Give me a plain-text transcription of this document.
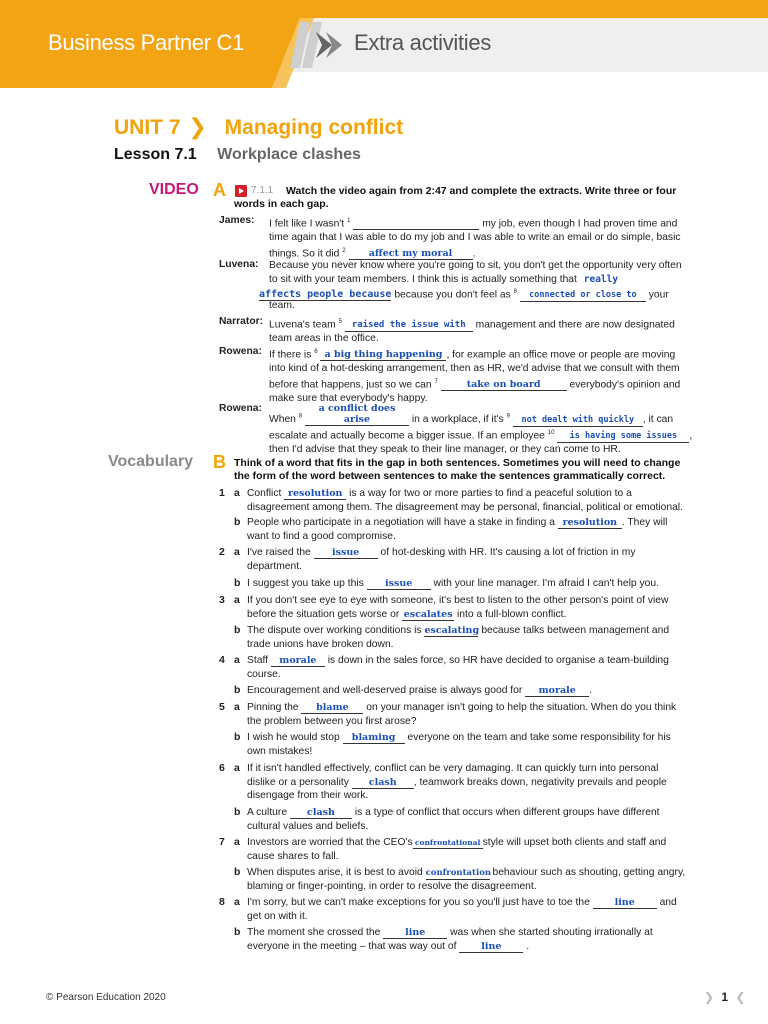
Business Partner C1	Extra activities
UNIT 7 ❯ Managing conflict
Lesson 7.1 Workplace clashes
VIDEO A	7.1.1 Watch the video again from 2:47 and complete the extracts. Write three or four
words in each gap.
James: I felt like I wasn't $^1$	my job, even though I had proven time and
time again that I was able to do my job and I was able to write an email or do simple, basic
things. So it did $^2$ affect my moral .
Luvena: Because you never know where you're going to sit, you don't get the opportunity very often
to sit with your team members. I think this is actually something that really
affects people because because you don't feel as $^8$ connected or close to your
team.
Narrator: Luvena's team $^5$ raised the issue with management and there are now designated
team areas in the office.
Rowena: If there is $^6$ a big thing happening , for example an office move or people are moving
into kind of a hot-desking arrangement, then as HR, we'd advise that we consult with them
before that happens, just so we can $^7$	take on board	everybody's opinion and
make sure that everybody's happy.
Rowena:
When $^8$ a conflict does arise	in a workplace, if it's $^9$ not dealt with quickly , it can
escalate and actually become a bigger issue. If an employee $^{10}$ is having some issues ,
then I'd advise that they speak to their line manager, or they can come to HR.
Vocabulary B Think of a word that fits in the gap in both sentences. Sometimes you will need to change
the form of the word between sentences to make the sentences grammatically correct.
1 a Conflict resolution is a way for two or more parties to find a peaceful solution to a
disagreement among them. The disagreement may be personal, financial, political or emotional.
b People who participate in a negotiation will have a stake in finding a resolution . They will
want to find a good compromise.
2 a I've raised the issue of hot-desking with HR. It's causing a lot of friction in my
department.
b I suggest you take up this issue with your line manager. I'm afraid I can't help you.
3 a If you don't see eye to eye with someone, it's best to listen to the other person's point of view
before the situation gets worse or escalates into a full-blown conflict.
b The dispute over working conditions is escalating because talks between management and
trade unions have broken down.
4 a Staff morale is down in the sales force, so HR have decided to organise a team-building
course.
b Encouragement and well-deserved praise is always good for morale .
5 a Pinning the blame on your manager isn't going to help the situation. When do you think
the problem between you first arose?
b I wish he would stop blaming everyone on the team and take some responsibility for his
own mistakes!
6 a If it isn't handled effectively, conflict can be very damaging. It can quickly turn into personal
dislike or a personality clash , teamwork breaks down, negativity prevails and people
disengage from their work.
b A culture clash is a type of conflict that occurs when different groups have different
cultural values and beliefs.
7 a Investors are worried that the CEO's confrontational style will upset both clients and staff and
cause shares to fall.
b When disputes arise, it is best to avoid confrontation behaviour such as shouting, getting angry,
blaming or finger-pointing, in order to resolve the disagreement.
8 a I'm sorry, but we can't make exceptions for you so you'll just have to toe the	line and
get on with it.
b The moment she crossed the	line was when she started shouting irrationally at
everyone in the meeting – that was way out of	line .
© Pearson Education 2020	❯ 1 ❮
